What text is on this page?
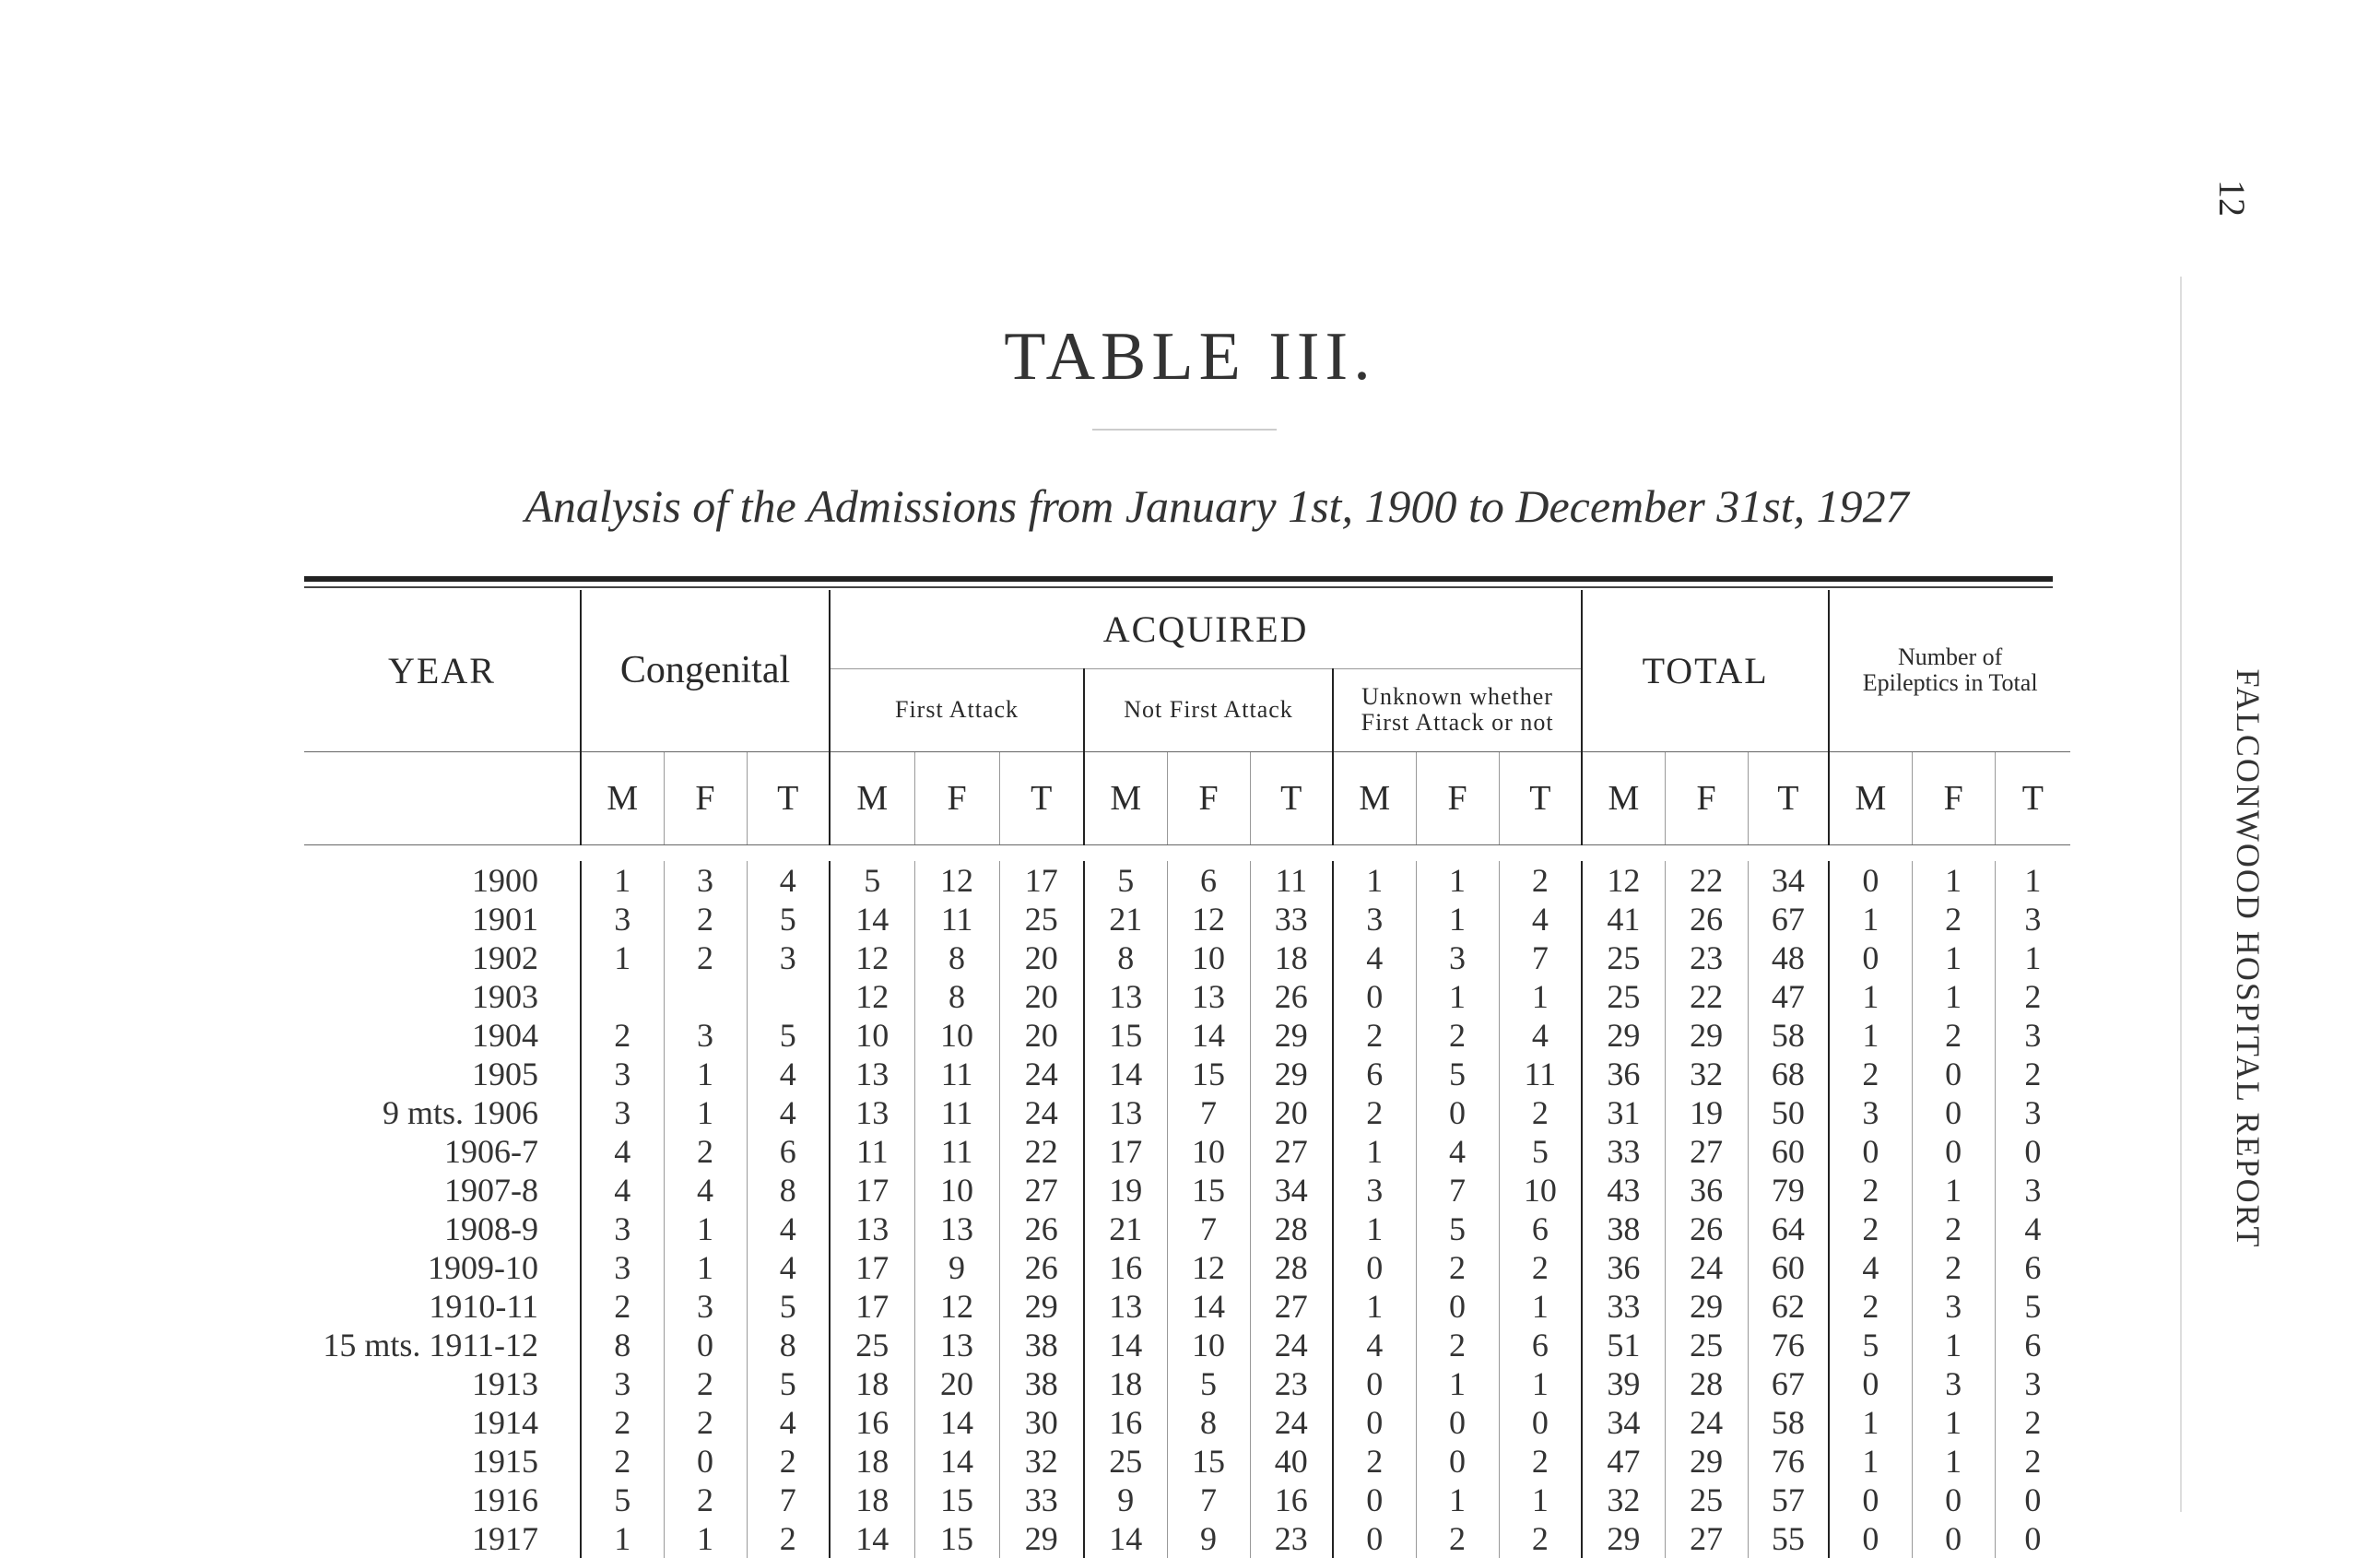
12
FALCONWOOD HOSPITAL REPORT
TABLE III.
Analysis of the Admissions from January 1st, 1900 to December 31st, 1927
YEAR	Congenital			ACQUIRED									TOTAL			Number of
Epileptics in Total		

				First Attack			Not First Attack			Unknown whether
First Attack or not								

	M	F	T	M	F	T	M	F	T	M	F	T	M	F	T	M	F	T

1900	1	3	4	5	12	17	5	6	11	1	1	2	12	22	34	0	1	1
1901	3	2	5	14	11	25	21	12	33	3	1	4	41	26	67	1	2	3
1902	1	2	3	12	8	20	8	10	18	4	3	7	25	23	48	0	1	1
1903				12	8	20	13	13	26	0	1	1	25	22	47	1	1	2
1904	2	3	5	10	10	20	15	14	29	2	2	4	29	29	58	1	2	3
1905	3	1	4	13	11	24	14	15	29	6	5	11	36	32	68	2	0	2
9 mts. 1906	3	1	4	13	11	24	13	7	20	2	0	2	31	19	50	3	0	3
1906-7	4	2	6	11	11	22	17	10	27	1	4	5	33	27	60	0	0	0
1907-8	4	4	8	17	10	27	19	15	34	3	7	10	43	36	79	2	1	3
1908-9	3	1	4	13	13	26	21	7	28	1	5	6	38	26	64	2	2	4
1909-10	3	1	4	17	9	26	16	12	28	0	2	2	36	24	60	4	2	6
1910-11	2	3	5	17	12	29	13	14	27	1	0	1	33	29	62	2	3	5
15 mts. 1911-12	8	0	8	25	13	38	14	10	24	4	2	6	51	25	76	5	1	6
1913	3	2	5	18	20	38	18	5	23	0	1	1	39	28	67	0	3	3
1914	2	2	4	16	14	30	16	8	24	0	0	0	34	24	58	1	1	2
1915	2	0	2	18	14	32	25	15	40	2	0	2	47	29	76	1	1	2
1916	5	2	7	18	15	33	9	7	16	0	1	1	32	25	57	0	0	0
1917	1	1	2	14	15	29	14	9	23	0	2	2	29	27	55	0	0	0
